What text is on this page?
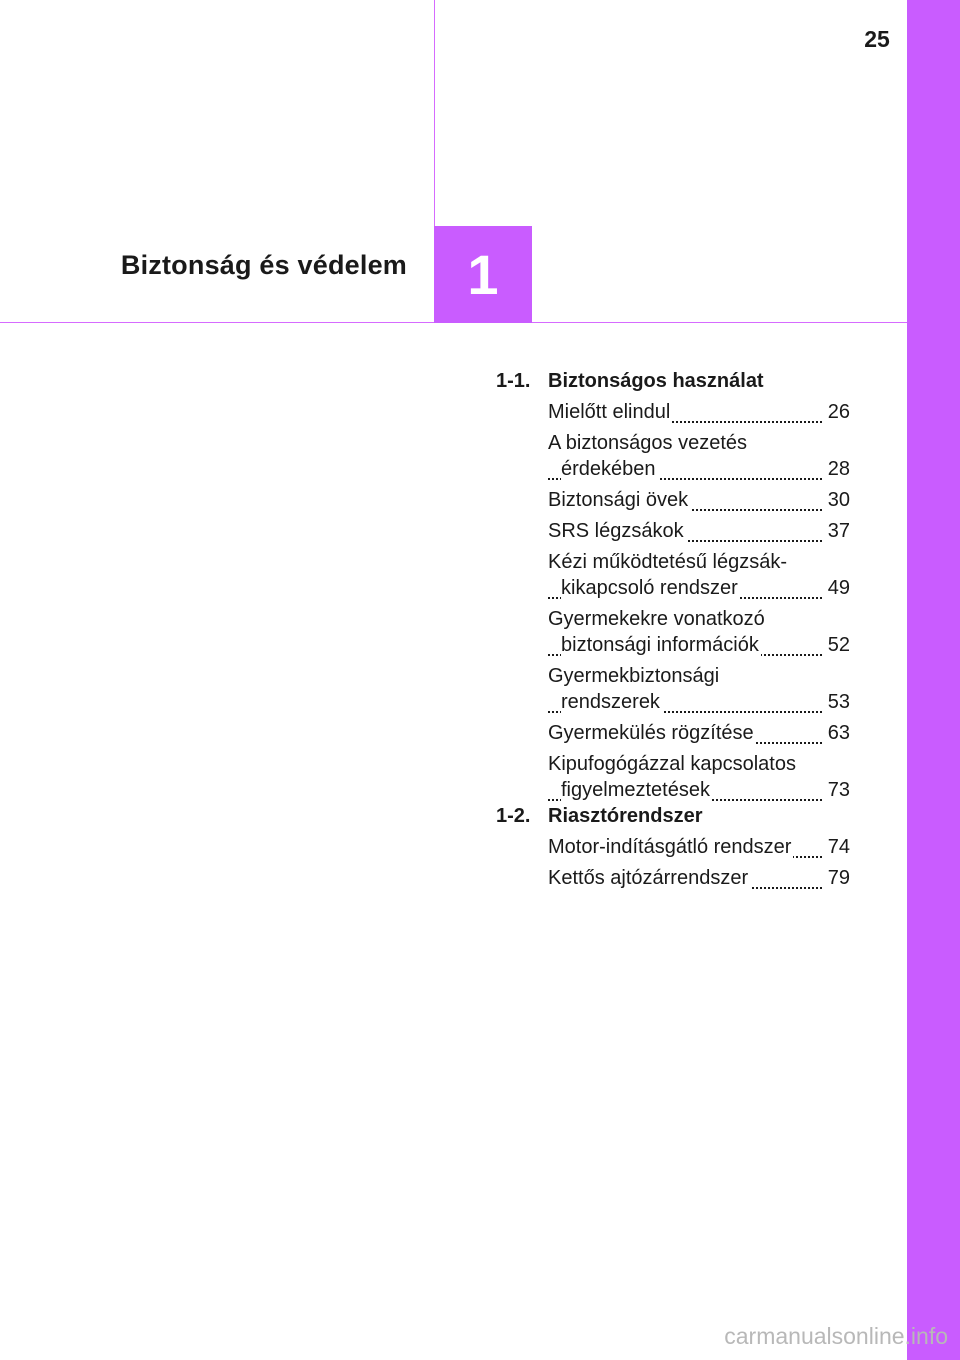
25
Biztonság és védelem 1
1-1. Biztonságos használat
Mielőtt elindul	26
A biztonságos vezetés érdekében	28
Biztonsági övek	30
SRS légzsákok	37
Kézi működtetésű légzsák-kikapcsoló rendszer	49
Gyermekekre vonatkozó biztonsági információk	52
Gyermekbiztonsági rendszerek	53
Gyermekülés rögzítése	63
Kipufogógázzal kapcsolatos figyelmeztetések	73
1-2. Riasztórendszer
Motor-indításgátló rendszer 74
Kettős ajtózárrendszer	79
carmanualsonline.info
